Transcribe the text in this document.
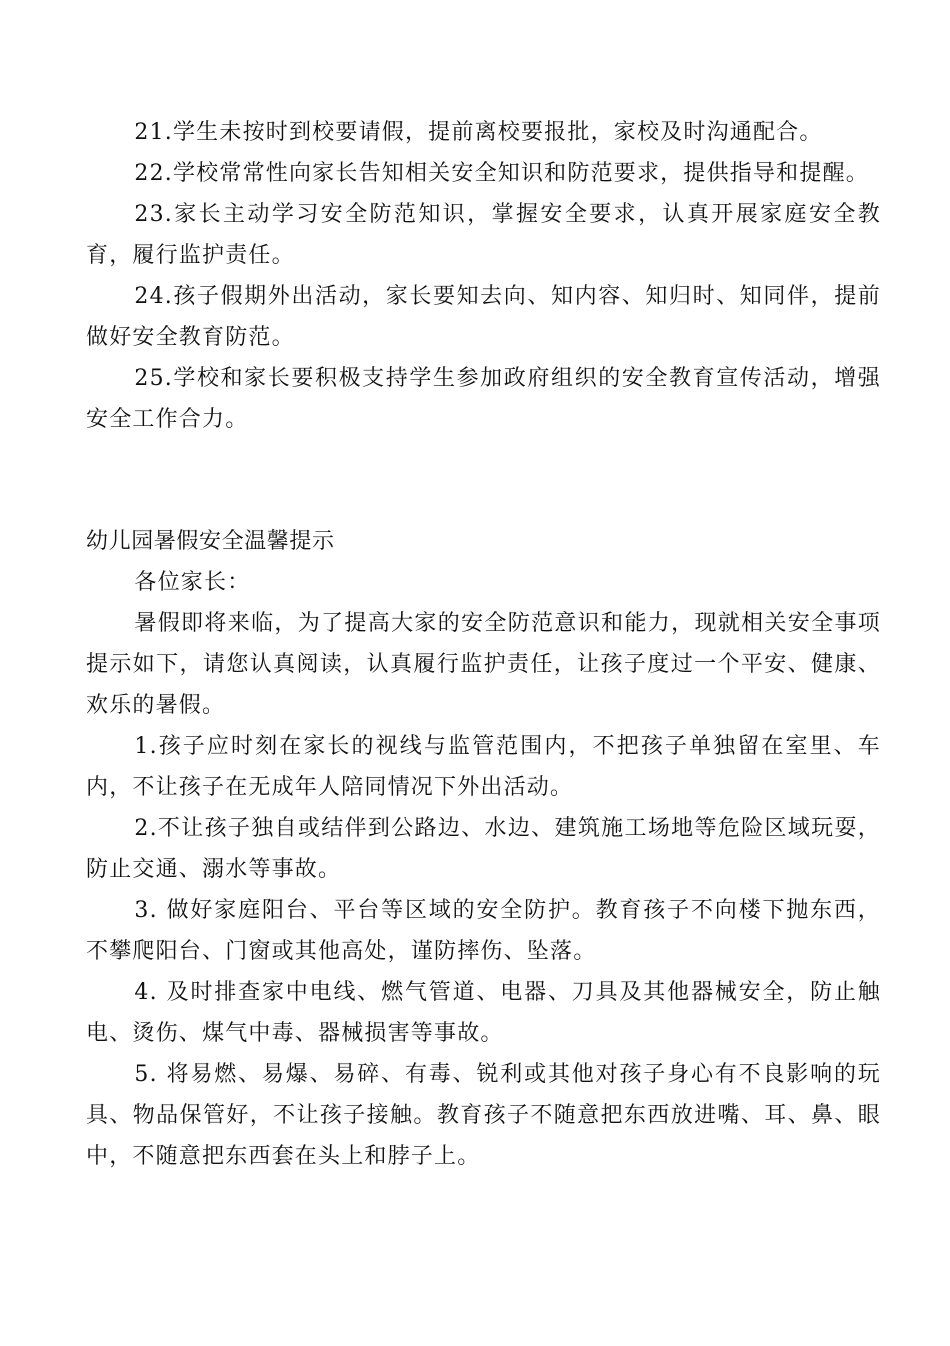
21.学生未按时到校要请假，提前离校要报批，家校及时沟通配合。

22.学校常常性向家长告知相关安全知识和防范要求，提供指导和提醒。

23.家长主动学习安全防范知识，掌握安全要求，认真开展家庭安全教育，履行监护责任。

24.孩子假期外出活动，家长要知去向、知内容、知归时、知同伴，提前做好安全教育防范。

25.学校和家长要积极支持学生参加政府组织的安全教育宣传活动，增强安全工作合力。

幼儿园暑假安全温馨提示

各位家长：

暑假即将来临，为了提高大家的安全防范意识和能力，现就相关安全事项提示如下，请您认真阅读，认真履行监护责任，让孩子度过一个平安、健康、欢乐的暑假。

1.孩子应时刻在家长的视线与监管范围内，不把孩子单独留在室里、车内，不让孩子在无成年人陪同情况下外出活动。

2.不让孩子独自或结伴到公路边、水边、建筑施工场地等危险区域玩耍，防止交通、溺水等事故。

3. 做好家庭阳台、平台等区域的安全防护。教育孩子不向楼下抛东西，不攀爬阳台、门窗或其他高处，谨防摔伤、坠落。

4. 及时排查家中电线、燃气管道、电器、刀具及其他器械安全，防止触电、烫伤、煤气中毒、器械损害等事故。

5. 将易燃、易爆、易碎、有毒、锐利或其他对孩子身心有不良影响的玩具、物品保管好，不让孩子接触。教育孩子不随意把东西放进嘴、耳、鼻、眼中，不随意把东西套在头上和脖子上。
